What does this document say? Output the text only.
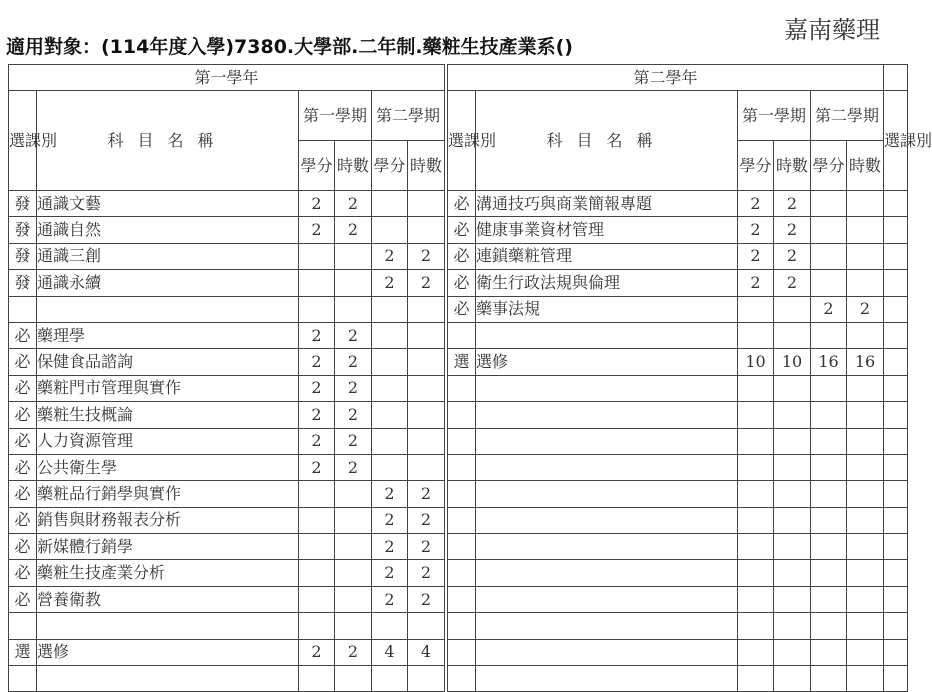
適用對象：(114年度入學)7380.大學部.二年制.藥粧生技產業系()
嘉南藥理
第一學年					
選課別	科目名稱	第一學期		第二學期	
		學分	時數	學分	時數
發	通識文藝	2	2		
發	通識自然	2	2		
發	通識三創			2	2
發	通識永續			2	2

必	藥理學	2	2		
必	保健食品諮詢	2	2		
必	藥粧門市管理與實作	2	2		
必	藥粧生技概論	2	2		
必	人力資源管理	2	2		
必	公共衛生學	2	2		
必	藥粧品行銷學與實作			2	2
必	銷售與財務報表分析			2	2
必	新媒體行銷學			2	2
必	藥粧生技產業分析			2	2
必	營養衛教			2	2

選	選修	2	2	4	4

第二學年						
選課別	科目名稱	第一學期		第二學期		選課別
		學分	時數	學分	時數	
必	溝通技巧與商業簡報專題	2	2			
必	健康事業資材管理	2	2			
必	連鎖藥粧管理	2	2			
必	衛生行政法規與倫理	2	2			
必	藥事法規			2	2	

選	選修	10	10	16	16	
